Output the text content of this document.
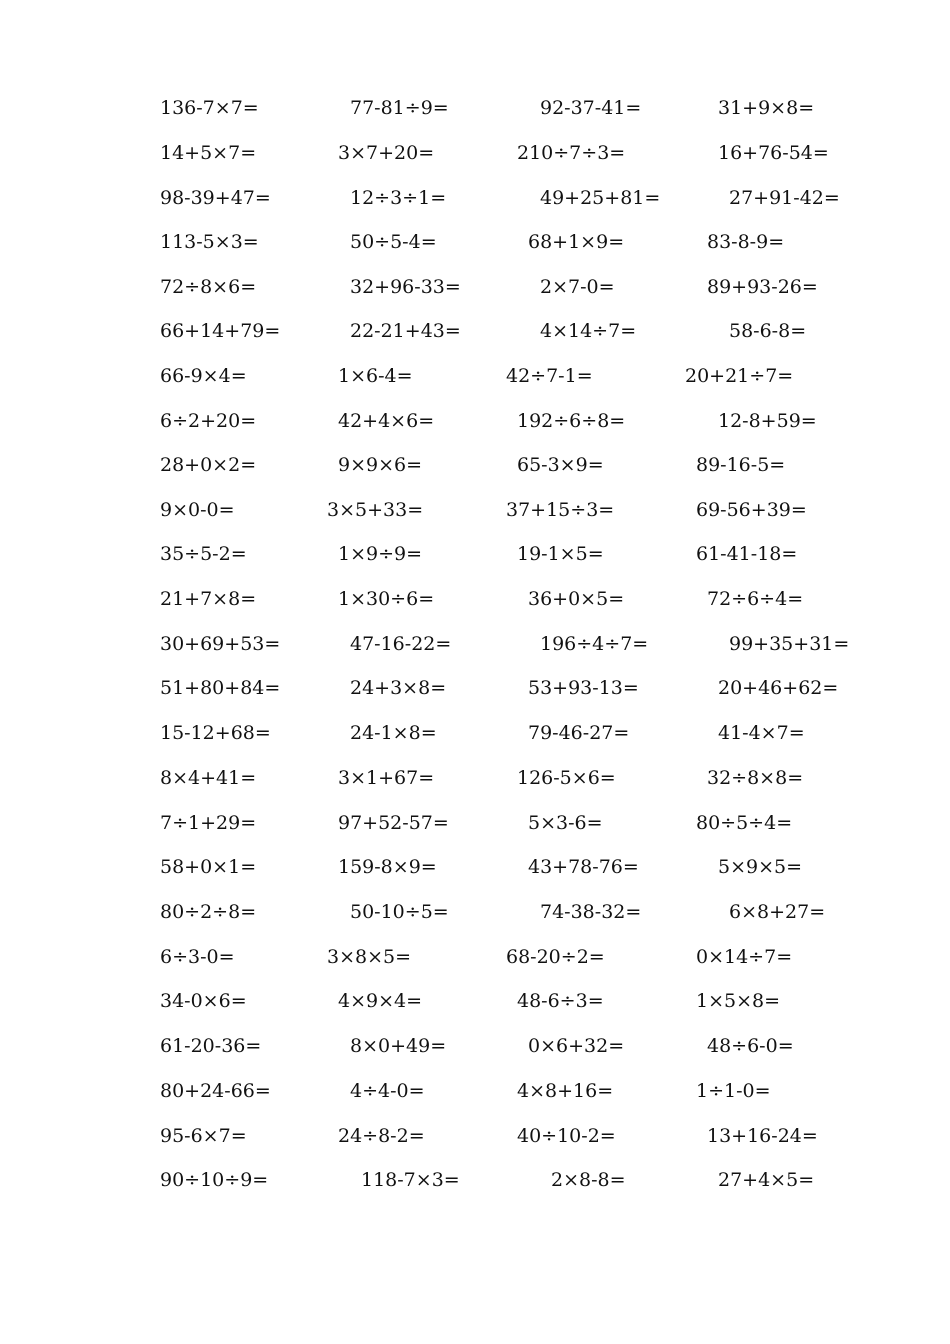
136-7×7=	77-81÷9=	92-37-41=	31+9×8=
14+5×7=	3×7+20=	210÷7÷3=	16+76-54=
98-39+47=	12÷3÷1=	49+25+81=	27+91-42=
113-5×3=	50÷5-4=	68+1×9=	83-8-9=
72÷8×6=	32+96-33=	2×7-0=	89+93-26=
66+14+79=	22-21+43=	4×14÷7=	58-6-8=
66-9×4=	1×6-4=	42÷7-1=	20+21÷7=
6÷2+20=	42+4×6=	192÷6÷8=	12-8+59=
28+0×2=	9×9×6=	65-3×9=	89-16-5=
9×0-0=	3×5+33=	37+15÷3=	69-56+39=
35÷5-2=	1×9÷9=	19-1×5=	61-41-18=
21+7×8=	1×30÷6=	36+0×5=	72÷6÷4=
30+69+53=	47-16-22=	196÷4÷7=	99+35+31=
51+80+84=	24+3×8=	53+93-13=	20+46+62=
15-12+68=	24-1×8=	79-46-27=	41-4×7=
8×4+41=	3×1+67=	126-5×6=	32÷8×8=
7÷1+29=	97+52-57=	5×3-6=	80÷5÷4=
58+0×1=	159-8×9=	43+78-76=	5×9×5=
80÷2÷8=	50-10÷5=	74-38-32=	6×8+27=
6÷3-0=	3×8×5=	68-20÷2=	0×14÷7=
34-0×6=	4×9×4=	48-6÷3=	1×5×8=
61-20-36=	8×0+49=	0×6+32=	48÷6-0=
80+24-66=	4÷4-0=	4×8+16=	1÷1-0=
95-6×7=	24÷8-2=	40÷10-2=	13+16-24=
90÷10÷9=	118-7×3=	2×8-8=	27+4×5=
